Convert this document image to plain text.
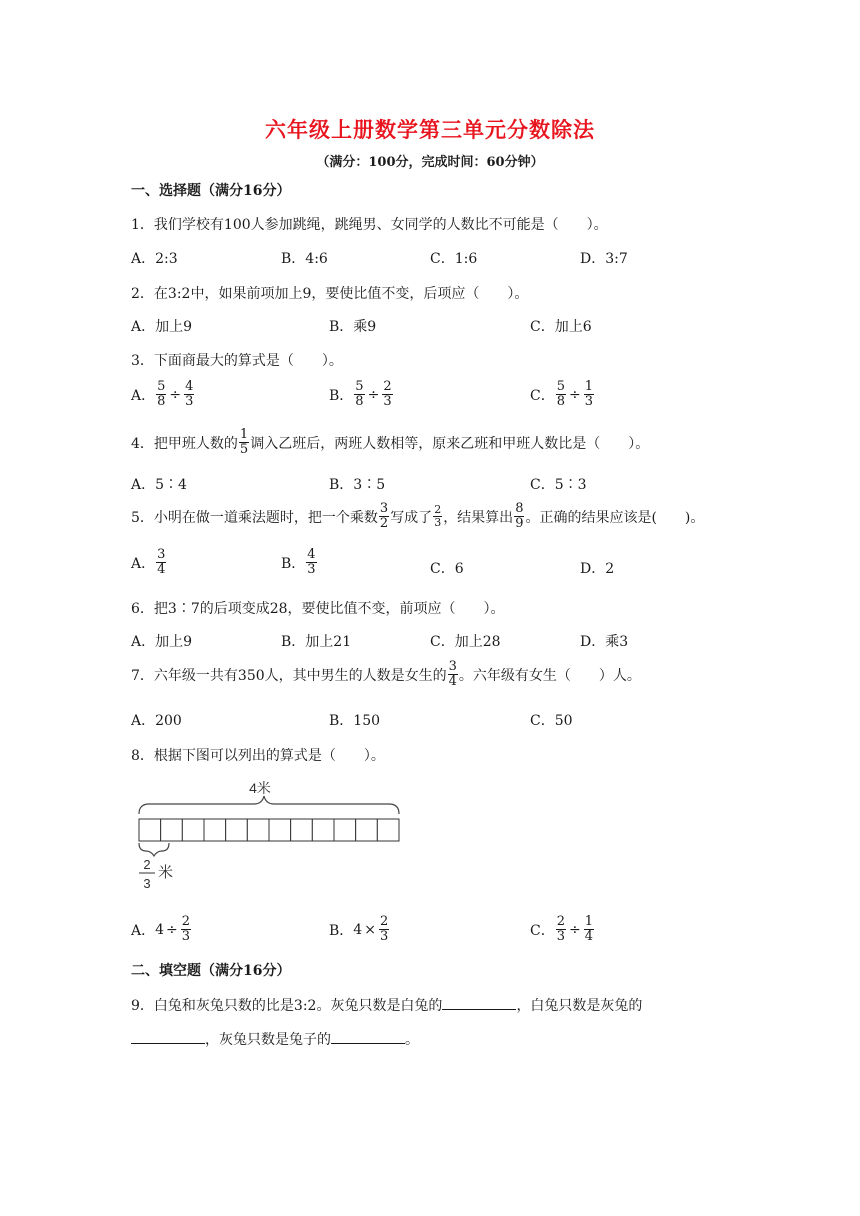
六年级上册数学第三单元分数除法
（满分：100分，完成时间：60分钟）
一、选择题（满分16分）
1．我们学校有100人参加跳绳，跳绳男、女同学的人数比不可能是（　　）。
A．2:3	B．4:6	C．1:6	D．3:7
2．在3:2中，如果前项加上9，要使比值不变，后项应（　　）。
A．加上9	B．乘9	C．加上6
3．下面商最大的算式是（　　）。
A． $\frac{5}{8} \div \frac{4}{3}$	B． $\frac{5}{8} \div \frac{2}{3}$	C． $\frac{5}{8} \div \frac{1}{3}$
4．把甲班人数的 $\frac{1}{5}$ 调入乙班后，两班人数相等，原来乙班和甲班人数比是（　　）。
A．5∶4	B．3∶5	C．5∶3
5．小明在做一道乘法题时，把一个乘数 $\frac{3}{2}$ 写成了 $\frac{2}{3}$ ，结果算出 $\frac{8}{9}$ 。正确的结果应该是(　　)。
A． $\frac{3}{4}$	B． $\frac{4}{3}$	C．6	D．2
6．把3∶7的后项变成28，要使比值不变，前项应（　　）。
A．加上9	B．加上21	C．加上28	D．乘3
7．六年级一共有350人，其中男生的人数是女生的 $\frac{3}{4}$ 。六年级有女生（　　）人。
A．200	B．150	C．50
8．根据下图可以列出的算式是（　　）。
4米
2
3
米
A． $4 \div \frac{2}{3}$	B． $4 \times \frac{2}{3}$	C． $\frac{2}{3} \div \frac{1}{4}$
二、填空题（满分16分）
9．白兔和灰兔只数的比是3:2。灰兔只数是白兔的	，白兔只数是灰兔的
，灰兔只数是兔子的	。
